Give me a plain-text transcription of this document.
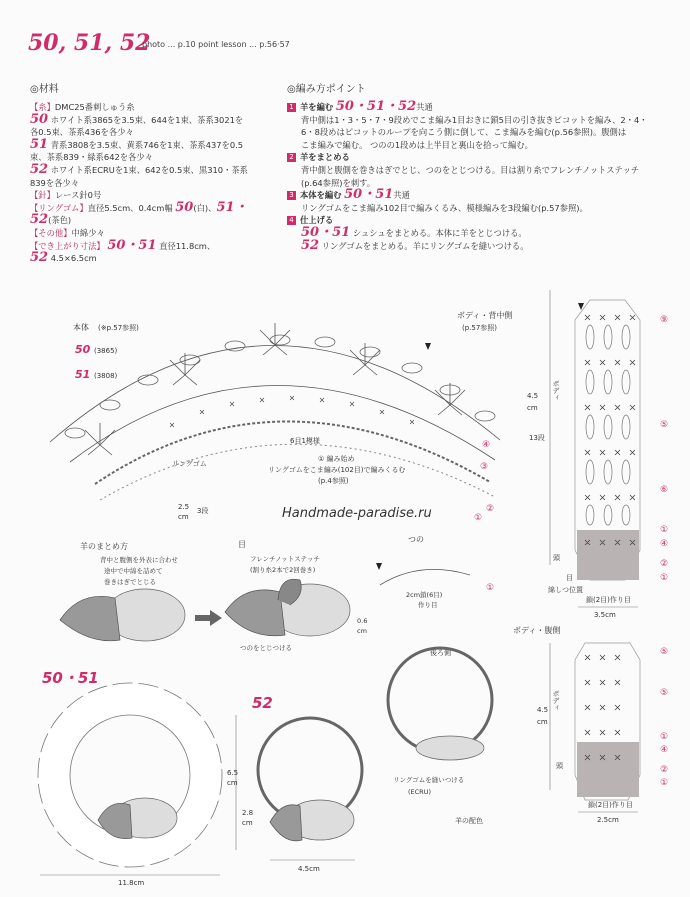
50, 51, 52
photo ... p.10 point lesson ... p.56·57
◎材料
【糸】DMC25番刺しゅう糸
50 ホワイト系3865を3.5束、644を1束、茶系3021を
各0.5束、茶系436を各少々
51 青系3808を3.5束、黄系746を1束、茶系437を0.5
束、茶系839・緑系642を各少々
52 ホワイト系ECRUを1束、642を0.5束、黒310・茶系
839を各少々
【針】レース針0号
【リングゴム】直径5.5cm、0.4cm幅 50(白)、51・
52(茶色)
【その他】中綿少々
【でき上がり寸法】 50・51 直径11.8cm、
52 4.5×6.5cm
◎編み方ポイント
1 羊を編む 50・51・52共通
背中側は1・3・5・7・9段めでこま編み1目おきに鎖5目の引き抜きピコットを編み、2・4・
6・8段めはピコットのループを向こう側に倒して、こま編みを編む(p.56参照)。腹側は
こま編みで編む。 つのの1段めは上半目と裏山を拾って編む。
2 羊をまとめる
背中側と腹側を巻きはぎでとじ、つのをとじつける。目は割り糸でフレンチノットステッチ
(p.64参照)を刺す。
3 本体を編む 50・51共通
リングゴムをこま編み102目で編みくるみ、模様編みを3段編む(p.57参照)。
4 仕上げる
50・51 シュシュをまとめる。本体に羊をとじつける。
52 リングゴムをまとめる。羊にリングゴムを縫いつける。
本体 (※p.57参照)
50 (3865)
51 (3808)
6目1模様
① 編み始め
リングゴムをこま編み(102目)で編みくるむ
(p.4参照)
リングゴム
2.5
cm
3段
④
③
②
①
ボディ・背中側
(p.57参照)
4.5
cm
ボディ
13段
頭
目
綿しつ位置
鎖(2目)作り目
3.5cm
⑨
⑤
⑥
①
④
②
①
ボディ・腹側
4.5
cm
ボディ
頭
鎖(2目)作り目
2.5cm
⑤
⑤
①
④
②
①
羊のまとめ方
背中と腹側を外表に合わせ
途中で中綿を詰めて
巻きはぎでとじる
目
フレンチノットステッチ
(割り糸2本で2回巻き)
つのをとじつける
つの
2cm鎖(6目)
作り目
0.6
cm
①
50・51
11.8cm
52
6.5
cm
2.8
cm
4.5cm
後ろ側
リングゴムを縫いつける
(ECRU)
羊の配色
Handmade-paradise.ru
